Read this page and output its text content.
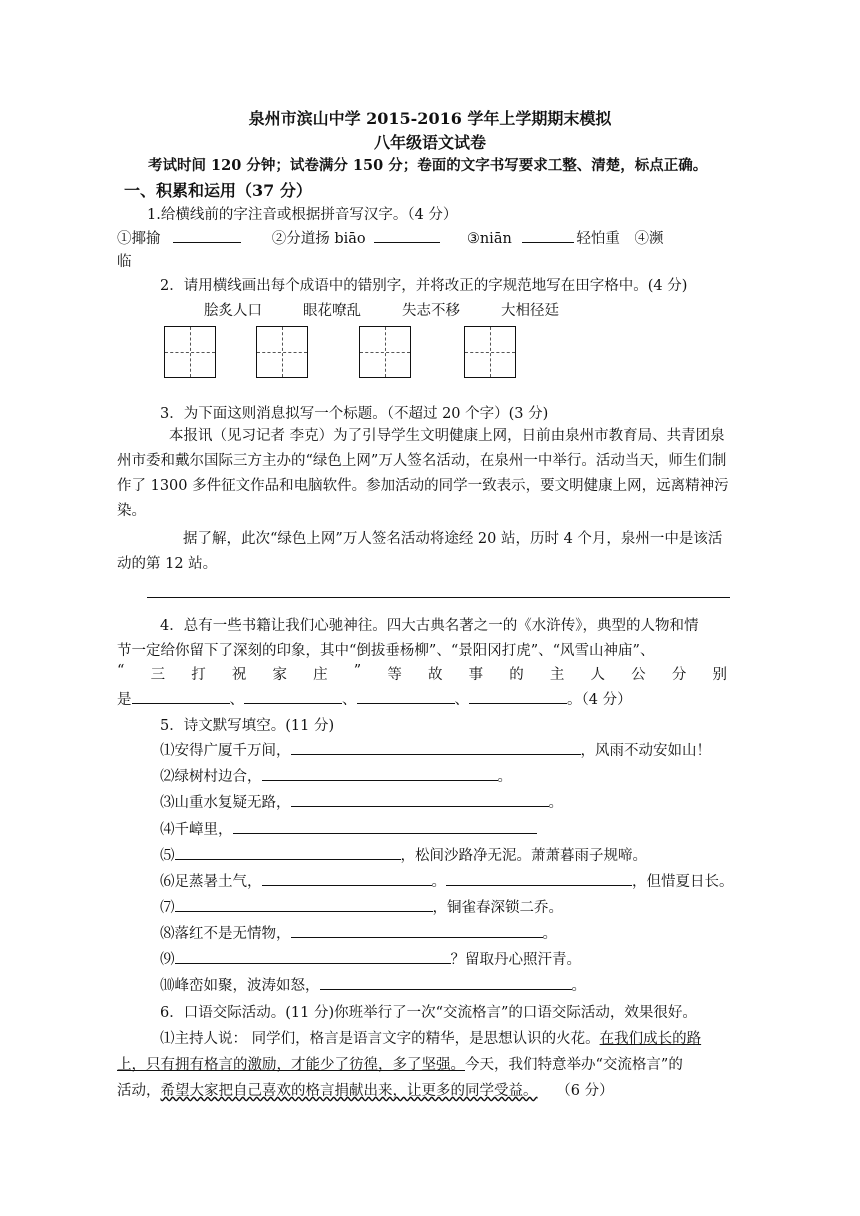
泉州市滨山中学 2015-2016 学年上学期期末模拟
八年级语文试卷
考试时间 120 分钟；试卷满分 150 分；卷面的文字书写要求工整、清楚，标点正确。
一、积累和运用（37 分）
1.给横线前的字注音或根据拼音写汉字。（4 分）
①揶揄	②分道扬 biāo	③niān	轻怕重 ④濒
临
2．请用横线画出每个成语中的错别字，并将改正的字规范地写在田字格中。(4 分)
脍炙人口	眼花嘹乱	失志不移	大相径廷
3．为下面这则消息拟写一个标题。（不超过 20 个字）(3 分)
本报讯（见习记者 李克）为了引导学生文明健康上网，日前由泉州市教育局、共青团泉州市委和戴尔国际三方主办的“绿色上网”万人签名活动，在泉州一中举行。活动当天，师生们制作了 1300 多件征文作品和电脑软件。参加活动的同学一致表示，要文明健康上网，远离精神污染。
据了解，此次“绿色上网”万人签名活动将途经 20 站，历时 4 个月，泉州一中是该活动的第 12 站。
4．总有一些书籍让我们心驰神往。四大古典名著之一的《水浒传》，典型的人物和情
节一定给你留下了深刻的印象，其中“倒拔垂杨柳”、“景阳冈打虎”、“风雪山神庙”、
“ 三 打 祝 家 庄 ” 等 故 事 的 主 人 公 分 别
是	、	、	、	。（4 分）
5．诗文默写填空。(11 分)
⑴安得广厦千万间，	，风雨不动安如山！
⑵绿树村边合，	。
⑶山重水复疑无路，	。
⑷千嶂里，
⑸	，松间沙路净无泥。萧萧暮雨子规啼。
⑹足蒸暑土气，	。	，但惜夏日长。
⑺	，铜雀春深锁二乔。
⑻落红不是无情物，	。
⑼	？留取丹心照汗青。
⑽峰峦如聚，波涛如怒，	。
6．口语交际活动。(11 分)你班举行了一次“交流格言”的口语交际活动，效果很好。
⑴主持人说： 同学们，格言是语言文字的精华，是思想认识的火花。在我们成长的路
上，只有拥有格言的激励，才能少了彷徨，多了坚强。今天，我们特意举办“交流格言”的
活动，希望大家把自己喜欢的格言捐献出来，让更多的同学受益。 （6 分）
